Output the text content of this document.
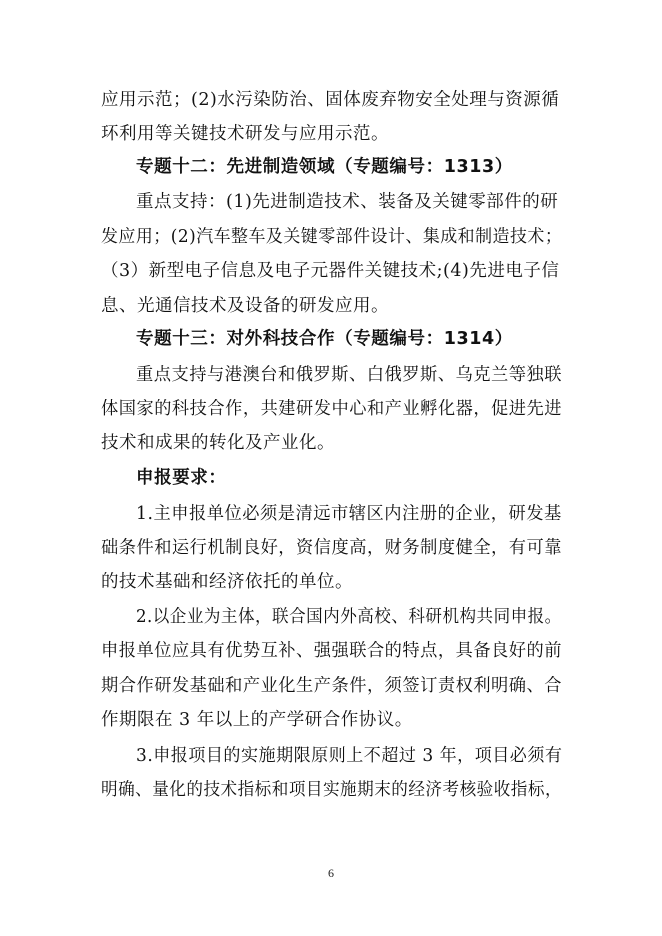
应用示范；(2)水污染防治、固体废弃物安全处理与资源循
环利用等关键技术研发与应用示范。
专题十二：先进制造领域（专题编号：1313）
重点支持：(1)先进制造技术、装备及关键零部件的研
发应用；(2)汽车整车及关键零部件设计、集成和制造技术；
（3）新型电子信息及电子元器件关键技术;(4)先进电子信
息、光通信技术及设备的研发应用。
专题十三：对外科技合作（专题编号：1314）
重点支持与港澳台和俄罗斯、白俄罗斯、乌克兰等独联
体国家的科技合作，共建研发中心和产业孵化器，促进先进
技术和成果的转化及产业化。
申报要求：
1.主申报单位必须是清远市辖区内注册的企业，研发基
础条件和运行机制良好，资信度高，财务制度健全，有可靠
的技术基础和经济依托的单位。
2.以企业为主体，联合国内外高校、科研机构共同申报。
申报单位应具有优势互补、强强联合的特点，具备良好的前
期合作研发基础和产业化生产条件，须签订责权利明确、合
作期限在 3 年以上的产学研合作协议。
3.申报项目的实施期限原则上不超过 3 年，项目必须有
明确、量化的技术指标和项目实施期末的经济考核验收指标，
6
